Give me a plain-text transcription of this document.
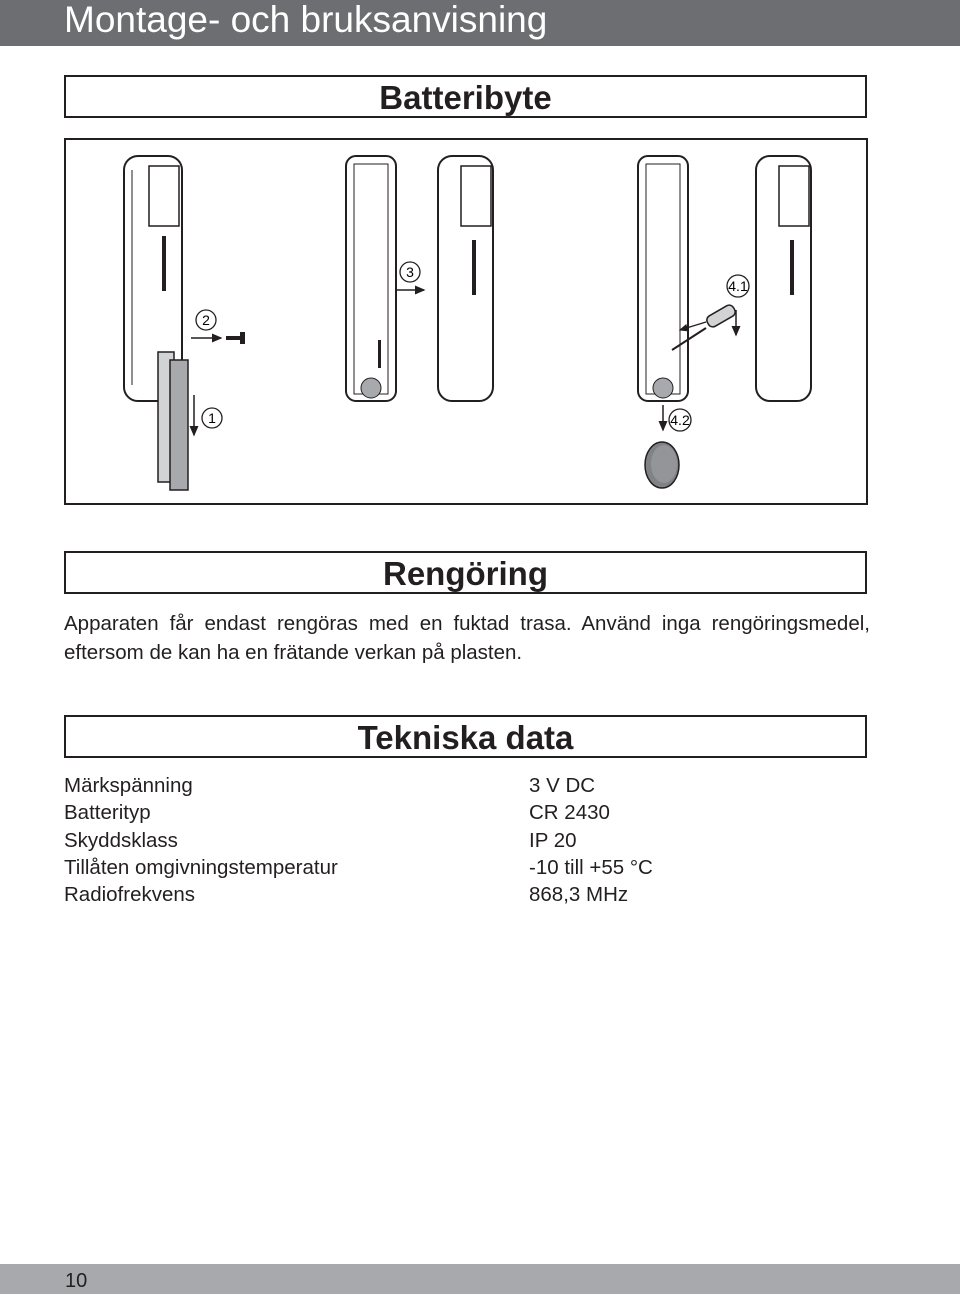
Montage- och bruksanvisning
Batteribyte
1
2
3
4.2
4.1
Rengöring
Apparaten får endast rengöras med en fuktad trasa. Använd inga rengöringsmedel, eftersom de kan ha en frätande verkan på plasten.
Tekniska data
Märkspänning	3 V DC
Batterityp	CR 2430
Skyddsklass	IP 20
Tillåten omgivningstemperatur	-10 till +55 °C
Radiofrekvens	868,3 MHz
10
